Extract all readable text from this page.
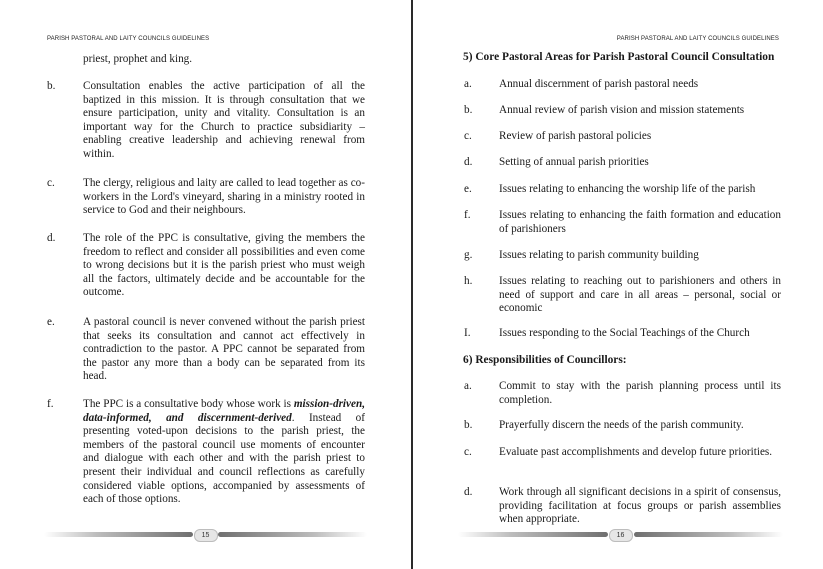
PARISH PASTORAL AND LAITY COUNCILS GUIDELINES
priest, prophet and king.
b. Consultation enables the active participation of all the baptized in this mission. It is through consultation that we ensure participation, unity and vitality. Consultation is an important way for the Church to practice subsidiarity – enabling creative leadership and achieving renewal from within.
c.	The clergy, religious and laity are called to lead together as co-workers in the Lord's vineyard, sharing in a ministry rooted in service to God and their neighbours.
d. The role of the PPC is consultative, giving the members the freedom to reflect and consider all possibilities and even come to wrong decisions but it is the parish priest who must weigh all the factors, ultimately decide and be accountable for the outcome.
e.	A pastoral council is never convened without the parish priest that seeks its consultation and cannot act effectively in contradiction to the pastor. A PPC cannot be separated from the pastor any more than a body can be separated from its head.
f.	The PPC is a consultative body whose work is mission-driven, data-informed, and discernment-derived. Instead of presenting voted-upon decisions to the parish priest, the members of the pastoral council use moments of encounter and dialogue with each other and with the parish priest to present their individual and council reflections as carefully considered viable options, accompanied by assessments of each of those options.
15
PARISH PASTORAL AND LAITY COUNCILS GUIDELINES
5) Core Pastoral Areas for Parish Pastoral Council Consultation
a. Annual discernment of parish pastoral needs
b. Annual review of parish vision and mission statements
c. Review of parish pastoral policies
d. Setting of annual parish priorities
e. Issues relating to enhancing the worship life of the parish
f.	Issues relating to enhancing the faith formation and education of parishioners
g. Issues relating to parish community building
h. Issues relating to reaching out to parishioners and others in need of support and care in all areas – personal, social or economic
I.	Issues responding to the Social Teachings of the Church
6) Responsibilities of Councillors:
a. Commit to stay with the parish planning process until its completion.
b. Prayerfully discern the needs of the parish community.
c. Evaluate past accomplishments and develop future priorities.
d. Work through all significant decisions in a spirit of consensus, providing facilitation at focus groups or parish assemblies when appropriate.
16
